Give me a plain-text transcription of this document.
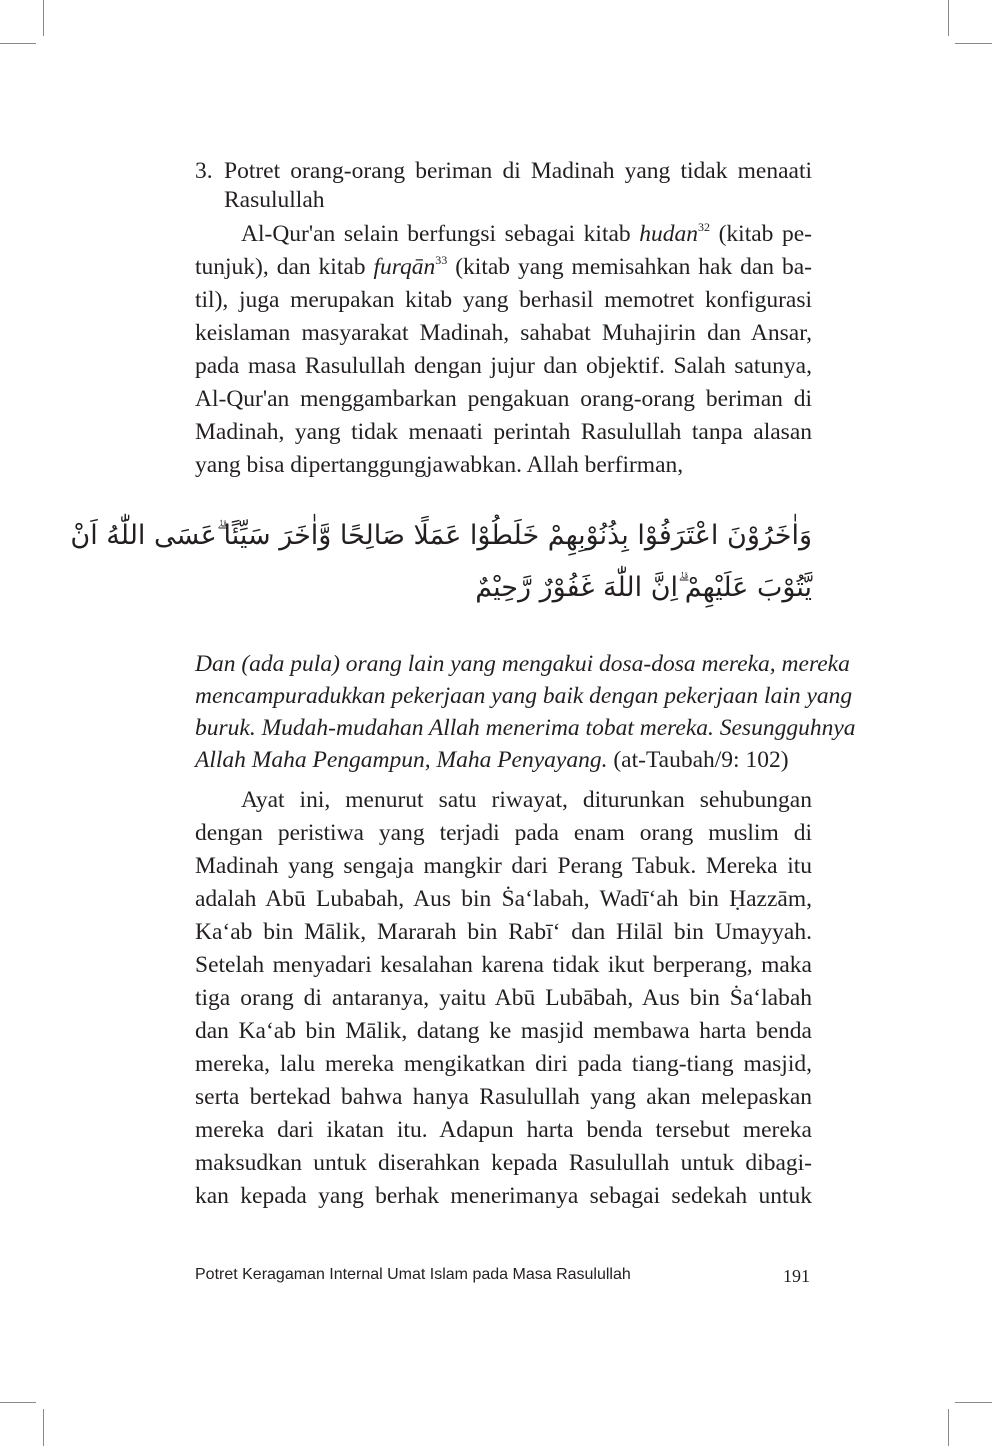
3. Potret orang-orang beriman di Madinah yang tidak menaati
Rasulullah
Al-Qur'an selain berfungsi sebagai kitab hudan$^{32}$ (kitab pe-
tunjuk), dan kitab furqān$^{33}$ (kitab yang memisahkan hak dan ba-
til), juga merupakan kitab yang berhasil memotret konfigurasi
keislaman masyarakat Madinah, sahabat Muhajirin dan Ansar,
pada masa Rasulullah dengan jujur dan objektif. Salah satunya,
Al-Qur'an menggambarkan pengakuan orang-orang beriman di
Madinah, yang tidak menaati perintah Rasulullah tanpa alasan
yang bisa dipertanggungjawabkan. Allah berfirman,
وَاٰخَرُوْنَ اعْتَرَفُوْا بِذُنُوْبِهِمْ خَلَطُوْا عَمَلًا صَالِحًا وَّاٰخَرَ سَيِّئًا ۗعَسَى اللّٰهُ اَنْ
يَّتُوْبَ عَلَيْهِمْ ۗاِنَّ اللّٰهَ غَفُوْرٌ رَّحِيْمٌ
Dan (ada pula) orang lain yang mengakui dosa-dosa mereka, mereka
mencampuradukkan pekerjaan yang baik dengan pekerjaan lain yang
buruk. Mudah-mudahan Allah menerima tobat mereka. Sesungguhnya
Allah Maha Pengampun, Maha Penyayang. (at-Taubah/9: 102)
Ayat ini, menurut satu riwayat, diturunkan sehubungan
dengan peristiwa yang terjadi pada enam orang muslim di
Madinah yang sengaja mangkir dari Perang Tabuk. Mereka itu
adalah Abū Lubabah, Aus bin Ṡa‘labah, Wadī‘ah bin Ḥazzām,
Ka‘ab bin Mālik, Mararah bin Rabī‘ dan Hilāl bin Umayyah.
Setelah menyadari kesalahan karena tidak ikut berperang, maka
tiga orang di antaranya, yaitu Abū Lubābah, Aus bin Ṡa‘labah
dan Ka‘ab bin Mālik, datang ke masjid membawa harta benda
mereka, lalu mereka mengikatkan diri pada tiang-tiang masjid,
serta bertekad bahwa hanya Rasulullah yang akan melepaskan
mereka dari ikatan itu. Adapun harta benda tersebut mereka
maksudkan untuk diserahkan kepada Rasulullah untuk dibagi-
kan kepada yang berhak menerimanya sebagai sedekah untuk
Potret Keragaman Internal Umat Islam pada Masa Rasulullah	191
